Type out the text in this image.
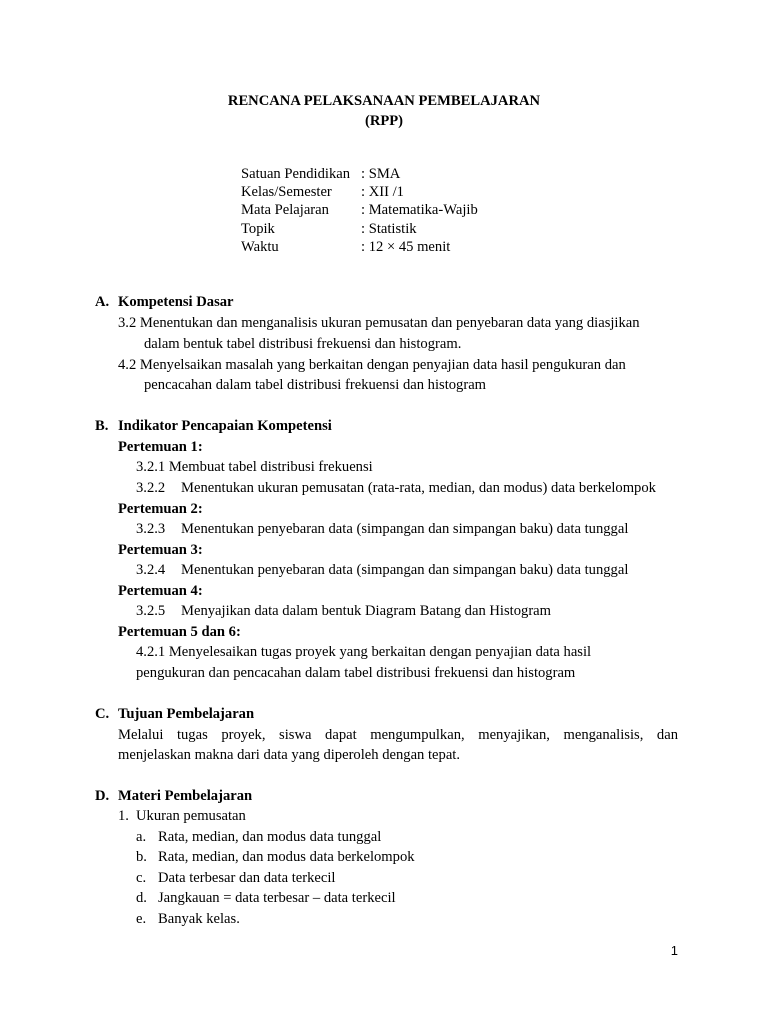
RENCANA PELAKSANAAN PEMBELAJARAN
(RPP)
Satuan Pendidikan : SMA
Kelas/Semester	: XII /1
Mata Pelajaran	: Matematika-Wajib
Topik	: Statistik
Waktu	: 12 × 45 menit
A. Kompetensi Dasar
3.2 Menentukan dan menganalisis ukuran pemusatan dan penyebaran data yang diasjikan
dalam bentuk tabel distribusi frekuensi dan histogram.
4.2 Menyelsaikan masalah yang berkaitan dengan penyajian data hasil pengukuran dan
pencacahan dalam tabel distribusi frekuensi dan histogram
B. Indikator Pencapaian Kompetensi
Pertemuan 1:
3.2.1 Membuat tabel distribusi frekuensi
3.2.2 Menentukan ukuran pemusatan (rata-rata, median, dan modus) data berkelompok
Pertemuan 2:
3.2.3 Menentukan penyebaran data (simpangan dan simpangan baku) data tunggal
Pertemuan 3:
3.2.4 Menentukan penyebaran data (simpangan dan simpangan baku) data tunggal
Pertemuan 4:
3.2.5 Menyajikan data dalam bentuk Diagram Batang dan Histogram
Pertemuan 5 dan 6:
4.2.1 Menyelesaikan tugas proyek yang berkaitan dengan penyajian data hasil
pengukuran dan pencacahan dalam tabel distribusi frekuensi dan histogram
C. Tujuan Pembelajaran
Melalui tugas proyek, siswa dapat mengumpulkan, menyajikan, menganalisis, dan
menjelaskan makna dari data yang diperoleh dengan tepat.
D. Materi Pembelajaran
1. Ukuran pemusatan
a. Rata, median, dan modus data tunggal
b. Rata, median, dan modus data berkelompok
c. Data terbesar dan data terkecil
d. Jangkauan = data terbesar – data terkecil
e. Banyak kelas.
1
